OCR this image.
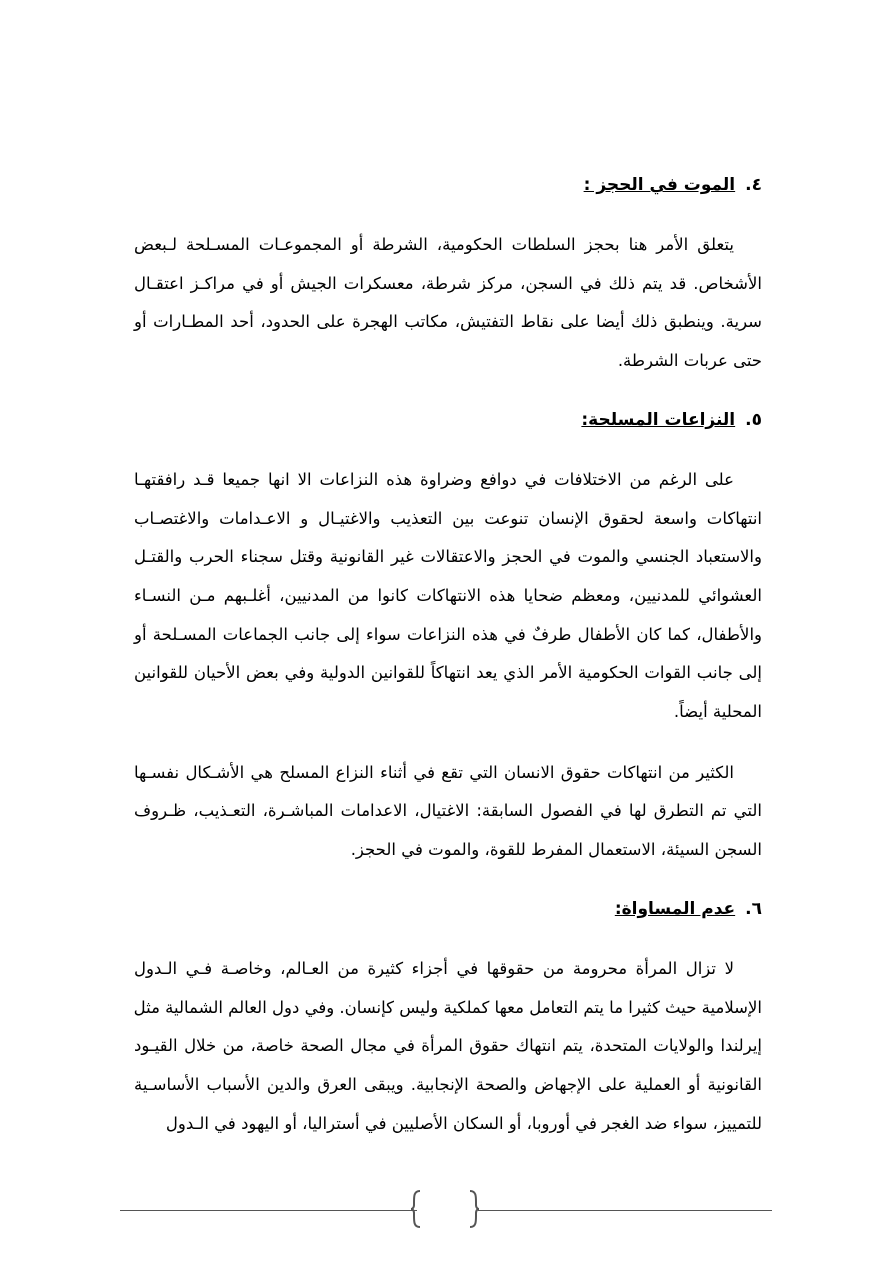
٤.الموت في الحجز :

يتعلق الأمر هنا بحجز السلطات الحكومية، الشرطة أو المجموعـات المسـلحة لـبعض
الأشخاص. قد يتم ذلك في السجن، مركز شرطة، معسكرات الجيش أو في مراكـز اعتقـال
سرية. وينطبق ذلك أيضا على نقاط التفتيش، مكاتب الهجرة على الحدود، أحد المطـارات أو
حتى عربات الشرطة.

٥.النزاعات المسلحة:

على الرغم من الاختلافات في دوافع وضراوة هذه النزاعات الا انها جميعا قـد رافقتهـا
انتهاكات واسعة لحقوق الإنسان تنوعت بين التعذيب والاغتيـال و الاعـدامات والاغتصـاب
والاستعباد الجنسي والموت في الحجز والاعتقالات غير القانونية وقتل سجناء الحرب والقتـل
العشوائي للمدنيين، ومعظم ضحايا هذه الانتهاكات كانوا من المدنيين، أغلـبهم مـن النسـاء
والأطفال، كما كان الأطفال طرفٌ في هذه النزاعات سواء إلى جانب الجماعات المسـلحة أو
إلى جانب القوات الحكومية الأمر الذي يعد انتهاكاً للقوانين الدولية وفي بعض الأحيان للقوانين
المحلية أيضاً.

الكثير من انتهاكات حقوق الانسان التي تقع في أثناء النزاع المسلح هي الأشـكال نفسـها
التي تم التطرق لها في الفصول السابقة: الاغتيال، الاعدامات المباشـرة، التعـذيب، ظـروف
السجن السيئة، الاستعمال المفرط للقوة، والموت في الحجز.

٦.عدم المساواة:

لا تزال المرأة محرومة من حقوقها في أجزاء كثيرة من العـالم، وخاصـة فـي الـدول
الإسلامية حيث كثيرا ما يتم التعامل معها كملكية وليس كإنسان. وفي دول العالم الشمالية مثل
إيرلندا والولايات المتحدة، يتم انتهاك حقوق المرأة في مجال الصحة خاصة، من خلال القيـود
القانونية أو العملية على الإجهاض والصحة الإنجابية. ويبقى العرق والدين الأسباب الأساسـية
للتمييز، سواء ضد الغجر في أوروبا، أو السكان الأصليين في أستراليا، أو اليهود في الـدول
